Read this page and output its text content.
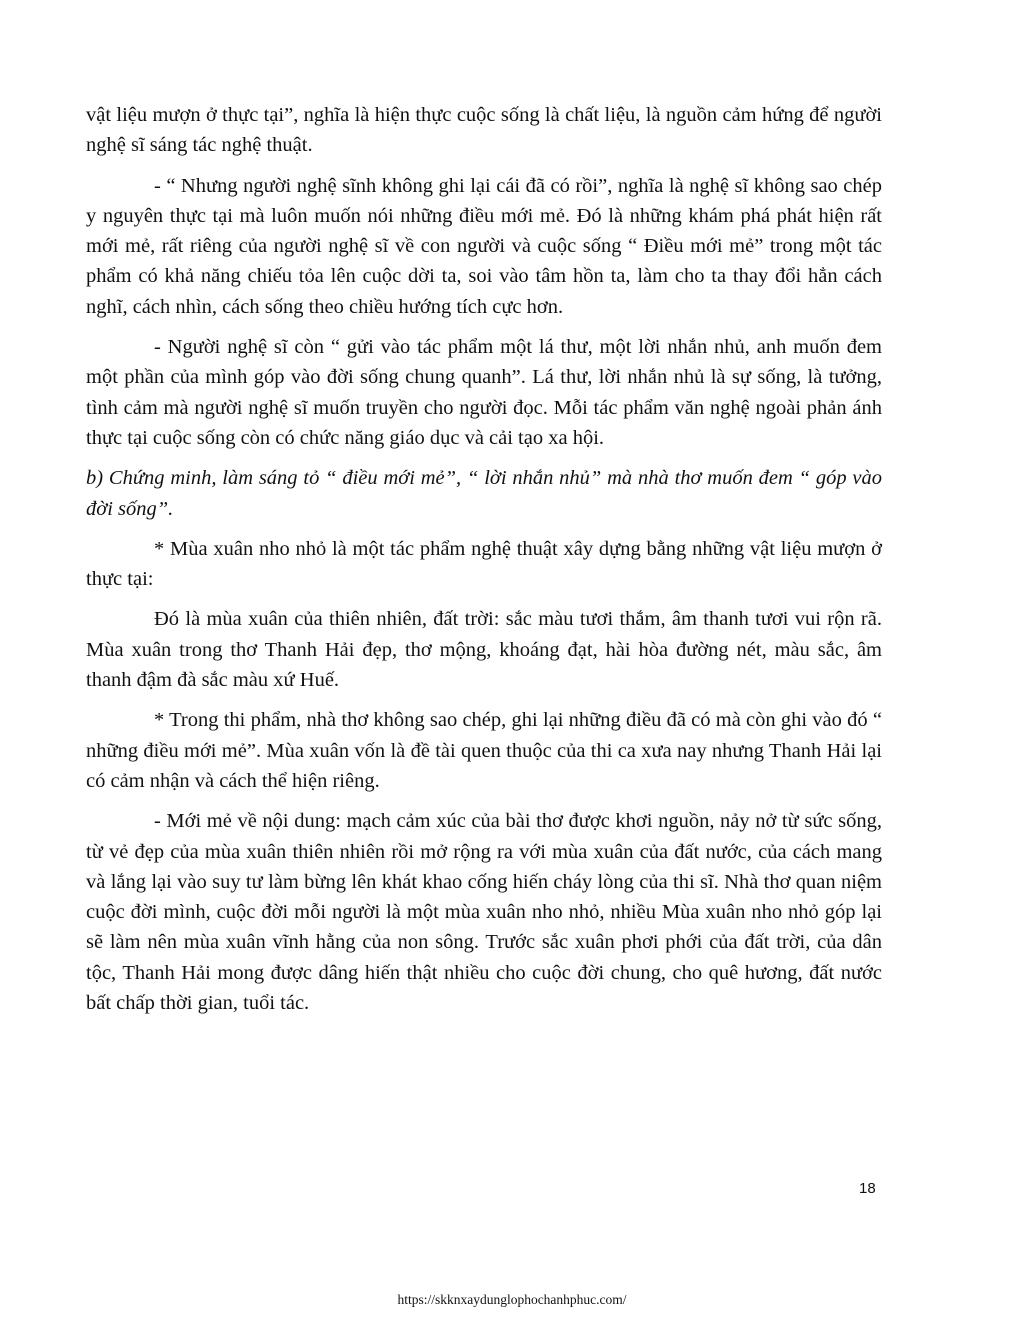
vật liệu mượn ở thực tại”, nghĩa là hiện thực cuộc sống là chất liệu, là nguồn cảm hứng để người nghệ sĩ sáng tác nghệ thuật.

- “ Nhưng người nghệ sĩnh không ghi lại cái đã có rồi”, nghĩa là nghệ sĩ không sao chép y nguyên thực tại mà luôn muốn nói những điều mới mẻ. Đó là những khám phá phát hiện rất mới mẻ, rất riêng của người nghệ sĩ về con người và cuộc sống “ Điều mới mẻ” trong một tác phẩm có khả năng chiếu tỏa lên cuộc dời ta, soi vào tâm hồn ta, làm cho ta thay đổi hẳn cách nghĩ, cách nhìn, cách sống theo chiều hướng tích cực hơn.

- Người nghệ sĩ còn “ gửi vào tác phẩm một lá thư, một lời nhắn nhủ, anh muốn đem một phần của mình góp vào đời sống chung quanh”. Lá thư, lời nhắn nhủ là sự sống, là tưởng, tình cảm mà người nghệ sĩ muốn truyền cho người đọc. Mỗi tác phẩm văn nghệ ngoài phản ánh thực tại cuộc sống còn có chức năng giáo dục và cải tạo xa hội.

b) Chứng minh, làm sáng tỏ “ điều mới mẻ”, “ lời nhắn nhủ” mà nhà thơ muốn đem “ góp vào đời sống”.

* Mùa xuân nho nhỏ là một tác phẩm nghệ thuật xây dựng bằng những vật liệu mượn ở thực tại:

Đó là mùa xuân của thiên nhiên, đất trời: sắc màu tươi thắm, âm thanh tươi vui rộn rã. Mùa xuân trong thơ Thanh Hải đẹp, thơ mộng, khoáng đạt, hài hòa đường nét, màu sắc, âm thanh đậm đà sắc màu xứ Huế.

* Trong thi phẩm, nhà thơ không sao chép, ghi lại những điều đã có mà còn ghi vào đó “ những điều mới mẻ”. Mùa xuân vốn là đề tài quen thuộc của thi ca xưa nay nhưng Thanh Hải lại có cảm nhận và cách thể hiện riêng.

- Mới mẻ về nội dung: mạch cảm xúc của bài thơ được khơi nguồn, nảy nở từ sức sống, từ vẻ đẹp của mùa xuân thiên nhiên rồi mở rộng ra với mùa xuân của đất nước, của cách mang và lắng lại vào suy tư làm bừng lên khát khao cống hiến cháy lòng của thi sĩ. Nhà thơ quan niệm cuộc đời mình, cuộc đời mỗi người là một mùa xuân nho nhỏ, nhiều Mùa xuân nho nhỏ góp lại sẽ làm nên mùa xuân vĩnh hằng của non sông. Trước sắc xuân phơi phới của đất trời, của dân tộc, Thanh Hải mong được dâng hiến thật nhiều cho cuộc đời chung, cho quê hương, đất nước bất chấp thời gian, tuổi tác.

18
https://skknxaydunglophochanhphuc.com/
